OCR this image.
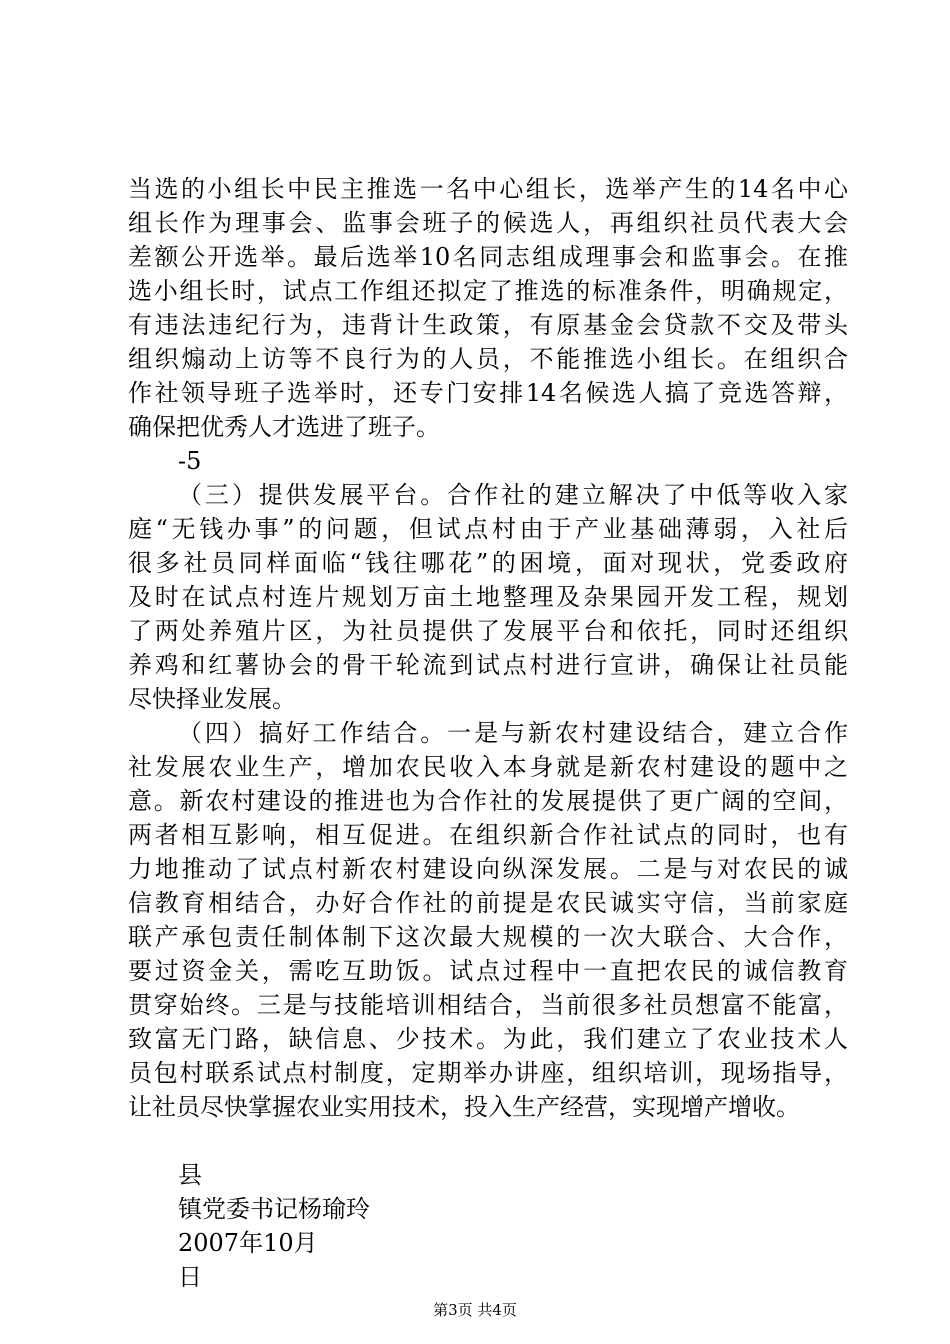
当选的小组长中民主推选一名中心组长，选举产生的14名中心
组长作为理事会、监事会班子的候选人，再组织社员代表大会
差额公开选举。最后选举10名同志组成理事会和监事会。在推
选小组长时，试点工作组还拟定了推选的标准条件，明确规定，
有违法违纪行为，违背计生政策，有原基金会贷款不交及带头
组织煽动上访等不良行为的人员，不能推选小组长。在组织合
作社领导班子选举时，还专门安排14名候选人搞了竞选答辩，
确保把优秀人才选进了班子。
-5
（三）提供发展平台。合作社的建立解决了中低等收入家
庭“无钱办事”的问题，但试点村由于产业基础薄弱，入社后
很多社员同样面临“钱往哪花”的困境，面对现状，党委政府
及时在试点村连片规划万亩土地整理及杂果园开发工程，规划
了两处养殖片区，为社员提供了发展平台和依托，同时还组织
养鸡和红薯协会的骨干轮流到试点村进行宣讲，确保让社员能
尽快择业发展。
（四）搞好工作结合。一是与新农村建设结合，建立合作
社发展农业生产，增加农民收入本身就是新农村建设的题中之
意。新农村建设的推进也为合作社的发展提供了更广阔的空间，
两者相互影响，相互促进。在组织新合作社试点的同时，也有
力地推动了试点村新农村建设向纵深发展。二是与对农民的诚
信教育相结合，办好合作社的前提是农民诚实守信，当前家庭
联产承包责任制体制下这次最大规模的一次大联合、大合作，
要过资金关，需吃互助饭。试点过程中一直把农民的诚信教育
贯穿始终。三是与技能培训相结合，当前很多社员想富不能富，
致富无门路，缺信息、少技术。为此，我们建立了农业技术人
员包村联系试点村制度，定期举办讲座，组织培训，现场指导，
让社员尽快掌握农业实用技术，投入生产经营，实现增产增收。
县
镇党委书记杨瑜玲
2007年10月
日
第3页 共4页
